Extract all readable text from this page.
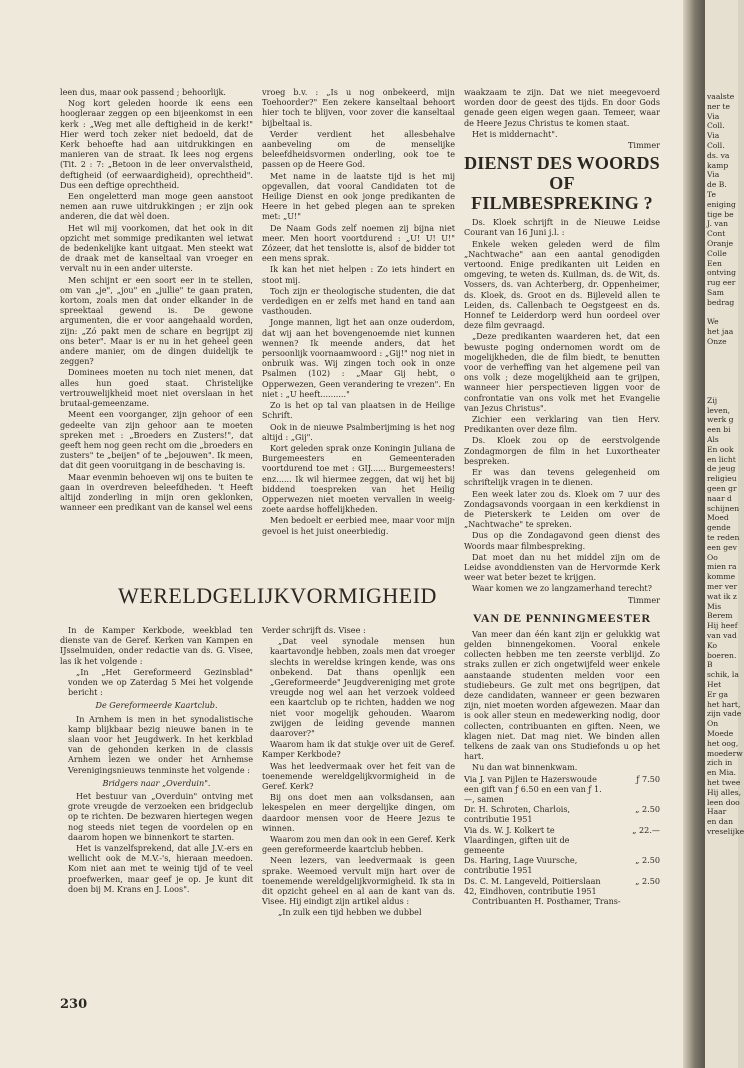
leen dus, maar ook passend ; behoorlijk.

Nog kort geleden hoorde ik eens een hoogleraar zeggen op een bijeenkomst in een kerk : „Weg met alle deftigheid in de kerk!" Hier werd toch zeker niet bedoeld, dat de Kerk behoefte had aan uitdrukkingen en manieren van de straat. Ik lees nog ergens (Tit. 2 : 7: „Betoon in de leer onvervalstheid, deftigheid (of eerwaardigheid), oprechtheid". Dus een deftige oprechtheid.

Een ongeletterd man moge geen aanstoot nemen aan ruwe uitdrukkingen ; er zijn ook anderen, die dat wèl doen.

Het wil mij voorkomen, dat het ook in dit opzicht met sommige predikanten wel ietwat de bedenkelijke kant uitgaat. Men steekt wat de draak met de kanseltaal van vroeger en vervalt nu in een ander uiterste.

Men schijnt er een soort eer in te stellen, om van „je", „jou" en „jullie" te gaan praten, kortom, zoals men dat onder elkander in de spreektaal gewend is. De gewone argumenten, die er voor aangehaald worden, zijn: „Zó pakt men de schare en begrijpt zij ons beter". Maar is er nu in het geheel geen andere manier, om de dingen duidelijk te zeggen?

Dominees moeten nu toch niet menen, dat alles hun goed staat. Christelijke vertrouwelijkheid moet niet overslaan in het brutaal-gemeenzame.

Meent een voorganger, zijn gehoor of een gedeelte van zijn gehoor aan te moeten spreken met : „Broeders en Zusters!", dat geeft hem nog geen recht om die „broeders en zusters" te „beijen" of te „bejouwen". Ik meen, dat dit geen vooruitgang in de beschaving is.

Maar evenmin behoeven wij ons te buiten te gaan in overdreven beleefdheden. 't Heeft altijd zonderling in mijn oren geklonken, wanneer een predikant van de kansel wel eens

vroeg b.v. : „Is u nog onbekeerd, mijn Toehoorder?" Een zekere kanseltaal behoort hier toch te blijven, voor zover die kanseltaal bijbeltaal is.

Verder verdient het allesbehalve aanbeveling om de menselijke beleefdheidsvormen onderling, ook toe te passen op de Heere God.

Met name in de laatste tijd is het mij opgevallen, dat vooral Candidaten tot de Heilige Dienst en ook jonge predikanten de Heere in het gebed plegen aan te spreken met: „U!"

De Naam Gods zelf noemen zij bijna niet meer. Men hoort voortdurend : „U! U! U!" Zózeer, dat het tenslotte is, alsof de bidder tot een mens sprak.

Ik kan het niet helpen : Zo iets hindert en stoot mij.

Toch zijn er theologische studenten, die dat verdedigen en er zelfs met hand en tand aan vasthouden.

Jonge mannen, ligt het aan onze ouderdom, dat wij aan het bovengenoemde niet kunnen wennen? Ik meende anders, dat het persoonlijk voornaamwoord : „Gij!" nog niet in onbruik was. Wij zingen toch ook in onze Psalmen (102) : „Maar Gij hebt, o Opperwezen, Geen verandering te vrezen". En niet : „U heeft.........."

Zo is het op tal van plaatsen in de Heilige Schrift.

Ook in de nieuwe Psalmberijming is het nog altijd : „Gij".

Kort geleden sprak onze Koningin Juliana de Burgemeesters en Gemeenteraden voortdurend toe met : GIJ...... Burgemeesters! enz...... Ik wil hiermee zeggen, dat wij het bij biddend toespreken van het Heilig Opperwezen niet moeten vervallen in weeig-zoete aardse hoffelijkheden.

Men bedoelt er eerbied mee, maar voor mijn gevoel is het juist oneerbiedig.

WERELDGELIJKVORMIGHEID

In de Kamper Kerkbode, weekblad ten dienste van de Geref. Kerken van Kampen en IJsselmuiden, onder redactie van ds. G. Visee, las ik het volgende :

„In „Het Gereformeerd Gezinsblad" vonden we op Zaterdag 5 Mei het volgende bericht :

De Gereformeerde Kaartclub.

In Arnhem is men in het synodalistische kamp blijkbaar bezig nieuwe banen in te slaan voor het Jeugdwerk. In het kerkblad van de gehonden kerken in de classis Arnhem lezen we onder het Arnhemse Verenigingsnieuws tenminste het volgende :

Bridgers naar „Overduin".

Het bestuur van „Overduin" ontving met grote vreugde de verzoeken een bridgeclub op te richten. De bezwaren hiertegen wegen nog steeds niet tegen de voordelen op en daarom hopen we binnenkort te starten.

Het is vanzelfsprekend, dat alle J.V.-ers en wellicht ook de M.V.-'s, hieraan meedoen. Kom niet aan met te weinig tijd of te veel proefwerken, maar geef je op. Je kunt dit doen bij M. Krans en J. Loos".

Verder schrijft ds. Visee :

„Dat veel synodale mensen hun kaartavondje hebben, zoals men dat vroeger slechts in wereldse kringen kende, was ons onbekend. Dat thans openlijk een „Gereformeerde" Jeugdvereniging met grote vreugde nog wel aan het verzoek voldeed een kaartclub op te richten, hadden we nog niet voor mogelijk gehouden. Waarom zwijgen de leiding gevende mannen daarover?"

Waarom ham ik dat stukje over uit de Geref. Kamper Kerkbode?

Was het leedvermaak over het feit van de toenemende wereldgelijkvormigheid in de Geref. Kerk?

Bij ons doet men aan volksdansen, aan lekespelen en meer dergelijke dingen, om daardoor mensen voor de Heere Jezus te winnen.

Waarom zou men dan ook in een Geref. Kerk geen gereformeerde kaartclub hebben.

Neen lezers, van leedvermaak is geen sprake. Weemoed vervult mijn hart over de toenemende wereldgelijkvormigheid. Ik sta in dit opzicht geheel en al aan de kant van ds. Visee. Hij eindigt zijn artikel aldus :

„In zulk een tijd hebben we dubbel

waakzaam te zijn. Dat we niet meegevoerd worden door de geest des tijds. En door Gods genade geen eigen wegen gaan. Temeer, waar de Heere Jezus Christus te komen staat.

Het is middernacht".

Timmer

DIENST DES WOORDS OF FILMBESPREKING ?

Ds. Kloek schrijft in de Nieuwe Leidse Courant van 16 Juni j.l. :

Enkele weken geleden werd de film „Nachtwache" aan een aantal genodigden vertoond. Enige predikanten uit Leiden en omgeving, te weten ds. Kuilman, ds. de Wit, ds. Vossers, ds. van Achterberg, dr. Oppenheimer, ds. Kloek, ds. Groot en ds. Bijleveld allen te Leiden, ds. Callenbach te Oegstgeest en ds. Honnef te Leiderdorp werd hun oordeel over deze film gevraagd.

„Deze predikanten waarderen het, dat een bewuste poging ondernomen wordt om de mogelijkheden, die de film biedt, te benutten voor de verheffing van het algemene peil van ons volk ; deze mogelijkheid aan te grijpen, wanneer hier perspectieven liggen voor de confrontatie van ons volk met het Evangelie van Jezus Christus".

Zichier een verklaring van tien Herv. Predikanten over deze film.

Ds. Kloek zou op de eerstvolgende Zondagmorgen de film in het Luxortheater bespreken.

Er was dan tevens gelegenheid om schriftelijk vragen in te dienen.

Een week later zou ds. Kloek om 7 uur des Zondagsavonds voorgaan in een kerkdienst in de Pieterskerk te Leiden om over de „Nachtwache" te spreken.

Dus op die Zondagavond geen dienst des Woords maar filmbespreking.

Dat moet dan nu het middel zijn om de Leidse avonddiensten van de Hervormde Kerk weer wat beter bezet te krijgen.

Waar komen we zo langzamerhand terecht?

Timmer

VAN DE PENNINGMEESTER

Van meer dan één kant zijn er gelukkig wat gelden binnengekomen. Vooral enkele collecten hebben me ten zeerste verblijd. Zo straks zullen er zich ongetwijfeld weer enkele aanstaande studenten melden voor een studiebeurs. Ge zult met ons begrijpen, dat deze candidaten, wanneer er geen bezwaren zijn, niet moeten worden afgewezen. Maar dan is ook aller steun en medewerking nodig, door collecten, contribuanten en giften. Neen, we klagen niet. Dat mag niet. We binden allen telkens de zaak van ons Studiefonds u op het hart.

Nu dan wat binnenkwam.

Via J. van Pijlen te Hazerswoude een gift van ƒ 6.50 en een van ƒ 1.—, samen	ƒ 7.50
Dr. H. Schroten, Charlois, contributie 1951	„ 2.50
Via ds. W. J. Kolkert te Vlaardingen, giften uit de gemeente	„ 22.—
Ds. Haring, Lage Vuursche, contributie 1951	„ 2.50
Ds. C. M. Langeveld, Poitierslaan 42, Eindhoven, contributie 1951	„ 2.50

Contribuanten H. Posthamer, Trans-

230
vaalste
ner te
Via
Coll.
Via
Coll.
ds. va
kamp
Via
de B.
Te
eniging
tige be
J. van
Cont
Oranje
Colle
Een
ontving
rug eer
Sam
bedrag
We
het jaa
Onze
Zij
leven,
werk g
een bi
Als
En ook
en licht
de jeug
religieu
geen gr
naar d
schijnen
Moed
gende
te reden
een gev
Oo
mien ra
komme
mer ver
wat ik z
Mis
Berem
Hij heef
van vad
Ko
boeren.
B
schik, la
Het
Er ga
het hart,
zijn vade
On
Moede
het oog,
moederw
zich in
en Mia.
het twee
Hij alles,
leen doo
Haar
en dan
vreselijke
